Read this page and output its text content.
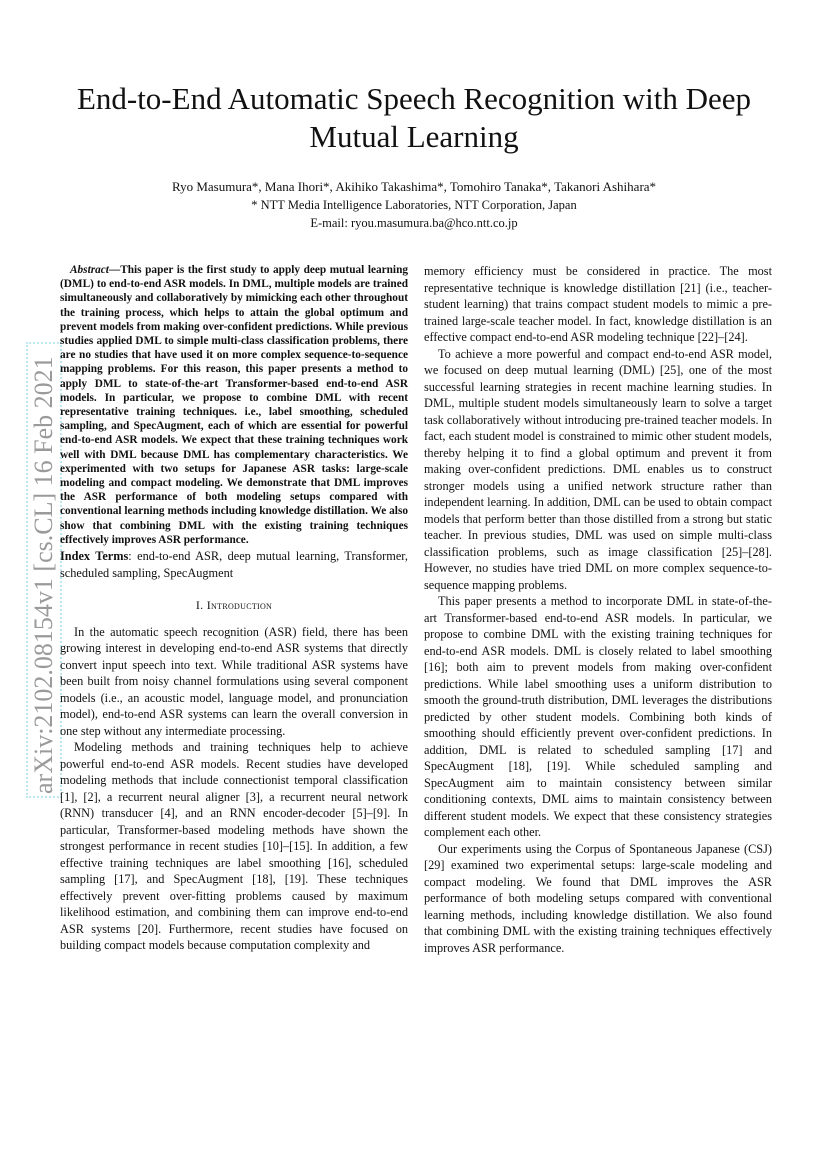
End-to-End Automatic Speech Recognition with Deep Mutual Learning
Ryo Masumura*, Mana Ihori*, Akihiko Takashima*, Tomohiro Tanaka*, Takanori Ashihara*
* NTT Media Intelligence Laboratories, NTT Corporation, Japan
E-mail: ryou.masumura.ba@hco.ntt.co.jp
arXiv:2102.08154v1 [cs.CL] 16 Feb 2021

Abstract—This paper is the first study to apply deep mutual learning (DML) to end-to-end ASR models. In DML, multiple models are trained simultaneously and collaboratively by mimicking each other throughout the training process, which helps to attain the global optimum and prevent models from making over-confident predictions. While previous studies applied DML to simple multi-class classification problems, there are no studies that have used it on more complex sequence-to-sequence mapping problems. For this reason, this paper presents a method to apply DML to state-of-the-art Transformer-based end-to-end ASR models. In particular, we propose to combine DML with recent representative training techniques. i.e., label smoothing, scheduled sampling, and SpecAugment, each of which are essential for powerful end-to-end ASR models. We expect that these training techniques work well with DML because DML has complementary characteristics. We experimented with two setups for Japanese ASR tasks: large-scale modeling and compact modeling. We demonstrate that DML improves the ASR performance of both modeling setups compared with conventional learning methods including knowledge distillation. We also show that combining DML with the existing training techniques effectively improves ASR performance.

Index Terms: end-to-end ASR, deep mutual learning, Transformer, scheduled sampling, SpecAugment

I. Introduction

In the automatic speech recognition (ASR) field, there has been growing interest in developing end-to-end ASR systems that directly convert input speech into text. While traditional ASR systems have been built from noisy channel formulations using several component models (i.e., an acoustic model, language model, and pronunciation model), end-to-end ASR systems can learn the overall conversion in one step without any intermediate processing.

Modeling methods and training techniques help to achieve powerful end-to-end ASR models. Recent studies have developed modeling methods that include connectionist temporal classification [1], [2], a recurrent neural aligner [3], a recurrent neural network (RNN) transducer [4], and an RNN encoder-decoder [5]–[9]. In particular, Transformer-based modeling methods have shown the strongest performance in recent studies [10]–[15]. In addition, a few effective training techniques are label smoothing [16], scheduled sampling [17], and SpecAugment [18], [19]. These techniques effectively prevent over-fitting problems caused by maximum likelihood estimation, and combining them can improve end-to-end ASR systems [20]. Furthermore, recent studies have focused on building compact models because computation complexity and

memory efficiency must be considered in practice. The most representative technique is knowledge distillation [21] (i.e., teacher-student learning) that trains compact student models to mimic a pre-trained large-scale teacher model. In fact, knowledge distillation is an effective compact end-to-end ASR modeling technique [22]–[24].

To achieve a more powerful and compact end-to-end ASR model, we focused on deep mutual learning (DML) [25], one of the most successful learning strategies in recent machine learning studies. In DML, multiple student models simultaneously learn to solve a target task collaboratively without introducing pre-trained teacher models. In fact, each student model is constrained to mimic other student models, thereby helping it to find a global optimum and prevent it from making over-confident predictions. DML enables us to construct stronger models using a unified network structure rather than independent learning. In addition, DML can be used to obtain compact models that perform better than those distilled from a strong but static teacher. In previous studies, DML was used on simple multi-class classification problems, such as image classification [25]–[28]. However, no studies have tried DML on more complex sequence-to-sequence mapping problems.

This paper presents a method to incorporate DML in state-of-the-art Transformer-based end-to-end ASR models. In particular, we propose to combine DML with the existing training techniques for end-to-end ASR models. DML is closely related to label smoothing [16]; both aim to prevent models from making over-confident predictions. While label smoothing uses a uniform distribution to smooth the ground-truth distribution, DML leverages the distributions predicted by other student models. Combining both kinds of smoothing should efficiently prevent over-confident predictions. In addition, DML is related to scheduled sampling [17] and SpecAugment [18], [19]. While scheduled sampling and SpecAugment aim to maintain consistency between similar conditioning contexts, DML aims to maintain consistency between different student models. We expect that these consistency strategies complement each other.

Our experiments using the Corpus of Spontaneous Japanese (CSJ) [29] examined two experimental setups: large-scale modeling and compact modeling. We found that DML improves the ASR performance of both modeling setups compared with conventional learning methods, including knowledge distillation. We also found that combining DML with the existing training techniques effectively improves ASR performance.
